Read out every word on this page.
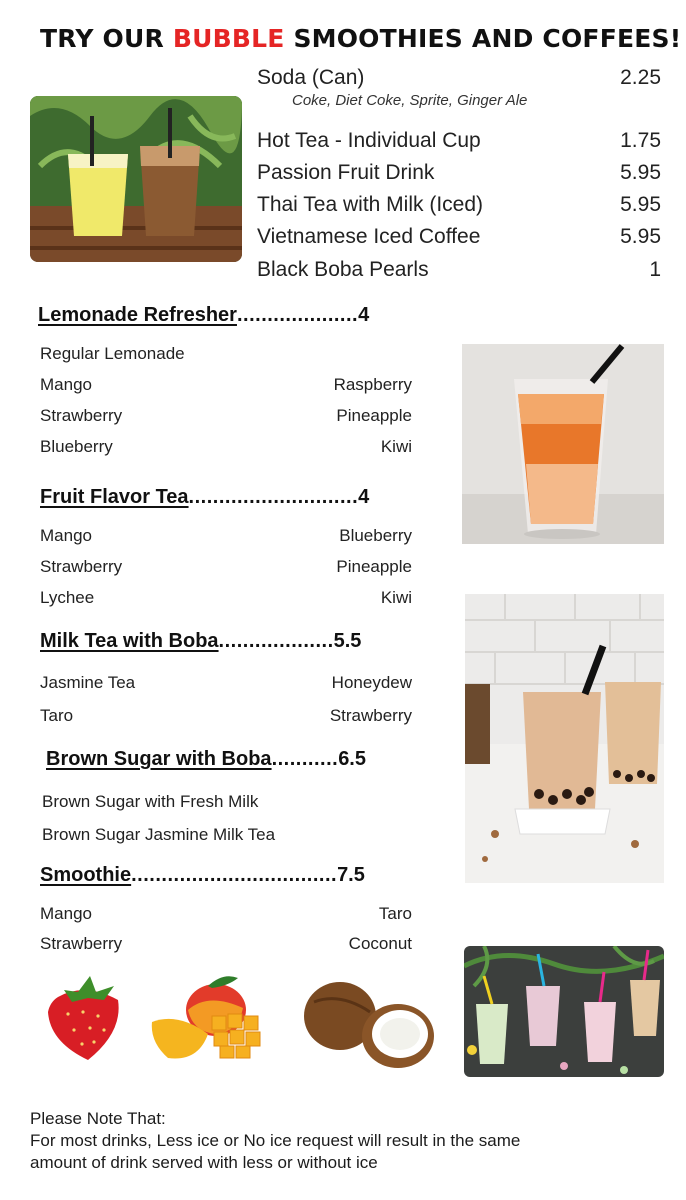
TRY OUR BUBBLE SMOOTHIES AND COFFEES!
Soda (Can)	2.25
Coke, Diet Coke, Sprite, Ginger Ale
Hot Tea - Individual Cup	1.75
Passion Fruit Drink	5.95
Thai Tea with Milk (Iced)	5.95
Vietnamese Iced Coffee	5.95
Black Boba Pearls	1
Lemonade Refresher .................... 4
Regular Lemonade
Mango	Raspberry
Strawberry	Pineapple
Blueberry	Kiwi
Fruit Flavor Tea ............................ 4
Mango	Blueberry
Strawberry	Pineapple
Lychee	Kiwi
Milk Tea with Boba ................... 5.5
Jasmine Tea	Honeydew
Taro	Strawberry
Brown Sugar with Boba ........... 6.5
Brown Sugar with Fresh Milk
Brown Sugar Jasmine Milk Tea
Smoothie .................................. 7.5
Mango	Taro
Strawberry	Coconut
Please Note That:
For most drinks, Less ice or No ice request will result in the same
amount of drink served with less or without ice
